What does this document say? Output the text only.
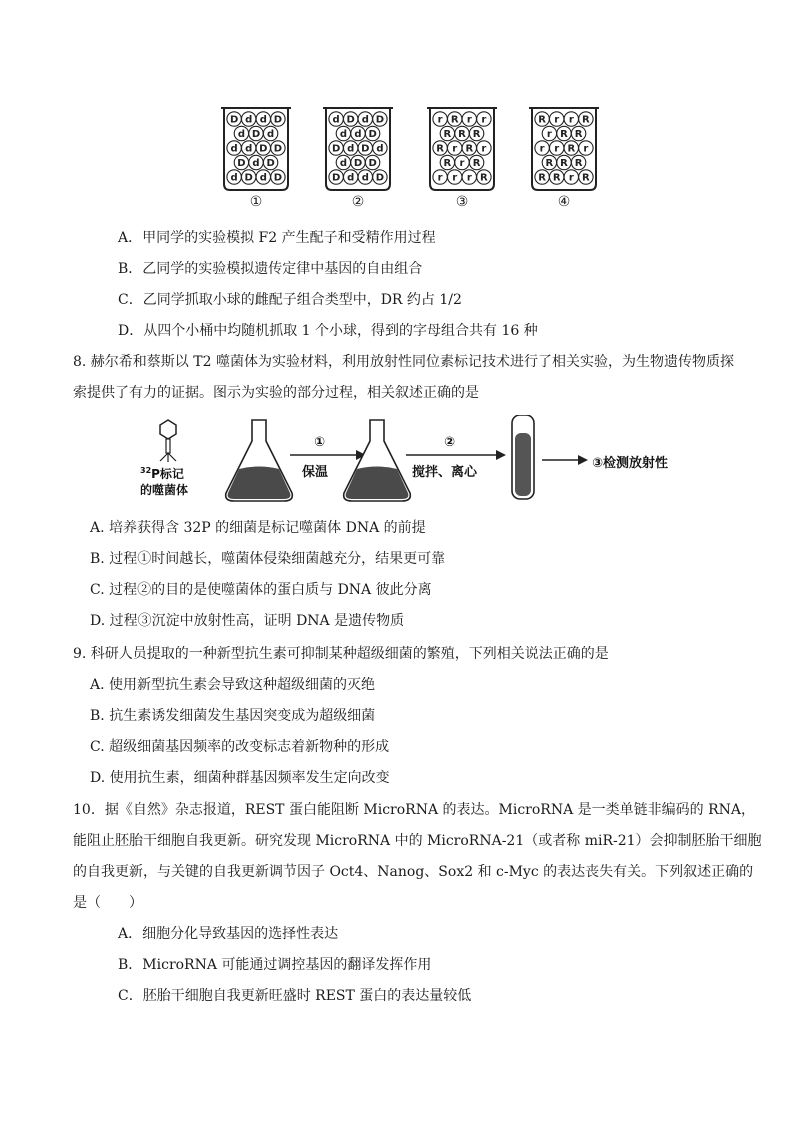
D d d D
d D d
d d D D
D d D
d D d D
d D d D
d d D
D d D d
d D D
D d d D
r R r r
R R R
R r R r
R r R
r r r R
R r r R
r R R
r r R r
R R R
R R r R
①	②	③	④
A．甲同学的实验模拟 F2 产生配子和受精作用过程
B．乙同学的实验模拟遗传定律中基因的自由组合
C．乙同学抓取小球的雌配子组合类型中，DR 约占 1/2
D．从四个小桶中均随机抓取 1 个小球，得到的字母组合共有 16 种
8. 赫尔希和蔡斯以 T2 噬菌体为实验材料，利用放射性同位素标记技术进行了相关实验，为生物遗传物质探
索提供了有力的证据。图示为实验的部分过程，相关叙述正确的是
$^{32}$P标记
的噬菌体
①
保温
②
搅拌、离心
③检测放射性
A. 培养获得含 32P 的细菌是标记噬菌体 DNA 的前提
B. 过程①时间越长，噬菌体侵染细菌越充分，结果更可靠
C. 过程②的目的是使噬菌体的蛋白质与 DNA 彼此分离
D. 过程③沉淀中放射性高，证明 DNA 是遗传物质
9. 科研人员提取的一种新型抗生素可抑制某种超级细菌的繁殖，下列相关说法正确的是
A. 使用新型抗生素会导致这种超级细菌的灭绝
B. 抗生素诱发细菌发生基因突变成为超级细菌
C. 超级细菌基因频率的改变标志着新物种的形成
D. 使用抗生素，细菌种群基因频率发生定向改变
10．据《自然》杂志报道，REST 蛋白能阻断 MicroRNA 的表达。MicroRNA 是一类单链非编码的 RNA，
能阻止胚胎干细胞自我更新。研究发现 MicroRNA 中的 MicroRNA-21（或者称 miR-21）会抑制胚胎干细胞
的自我更新，与关键的自我更新调节因子 Oct4、Nanog、Sox2 和 c-Myc 的表达丧失有关。下列叙述正确的
是（　　）
A．细胞分化导致基因的选择性表达
B．MicroRNA 可能通过调控基因的翻译发挥作用
C．胚胎干细胞自我更新旺盛时 REST 蛋白的表达量较低
